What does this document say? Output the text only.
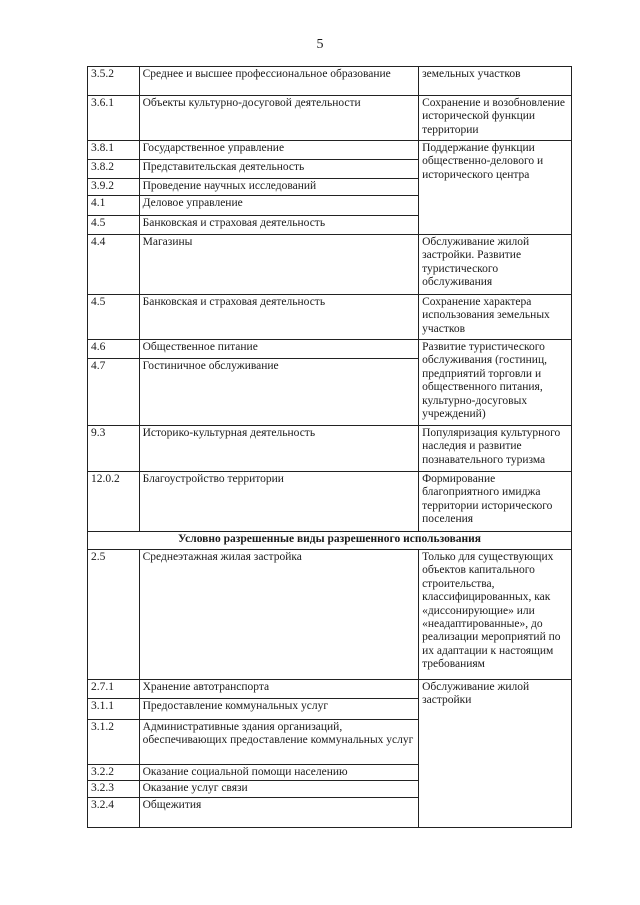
5
3.5.2	Среднее и высшее профессиональное образование	земельных участков
3.6.1	Объекты культурно-досуговой деятельности	Сохранение и возобновление исторической функции территории
3.8.1	Государственное управление	Поддержание функции общественно-делового и исторического центра
3.8.2	Представительская деятельность	
3.9.2	Проведение научных исследований	
4.1	Деловое управление	
4.5	Банковская и страховая деятельность	
4.4	Магазины	Обслуживание жилой застройки. Развитие туристического обслуживания
4.5	Банковская и страховая деятельность	Сохранение характера использования земельных участков
4.6	Общественное питание	Развитие туристического обслуживания (гостиниц, предприятий торговли и общественного питания, культурно-досуговых учреждений)
4.7	Гостиничное обслуживание	
9.3	Историко-культурная деятельность	Популяризация культурного наследия и развитие познавательного туризма
12.0.2	Благоустройство территории	Формирование благоприятного имиджа территории исторического поселения
Условно разрешенные виды разрешенного использования		
2.5	Среднеэтажная жилая застройка	Только для существующих объектов капитального строительства, классифицированных, как «диссонирующие» или «неадаптированные», до реализации мероприятий по их адаптации к настоящим требованиям
2.7.1	Хранение автотранспорта	Обслуживание жилой застройки
3.1.1	Предоставление коммунальных услуг	
3.1.2	Административные здания организаций, обеспечивающих предоставление коммунальных услуг	
3.2.2	Оказание социальной помощи населению	
3.2.3	Оказание услуг связи	
3.2.4	Общежития	
